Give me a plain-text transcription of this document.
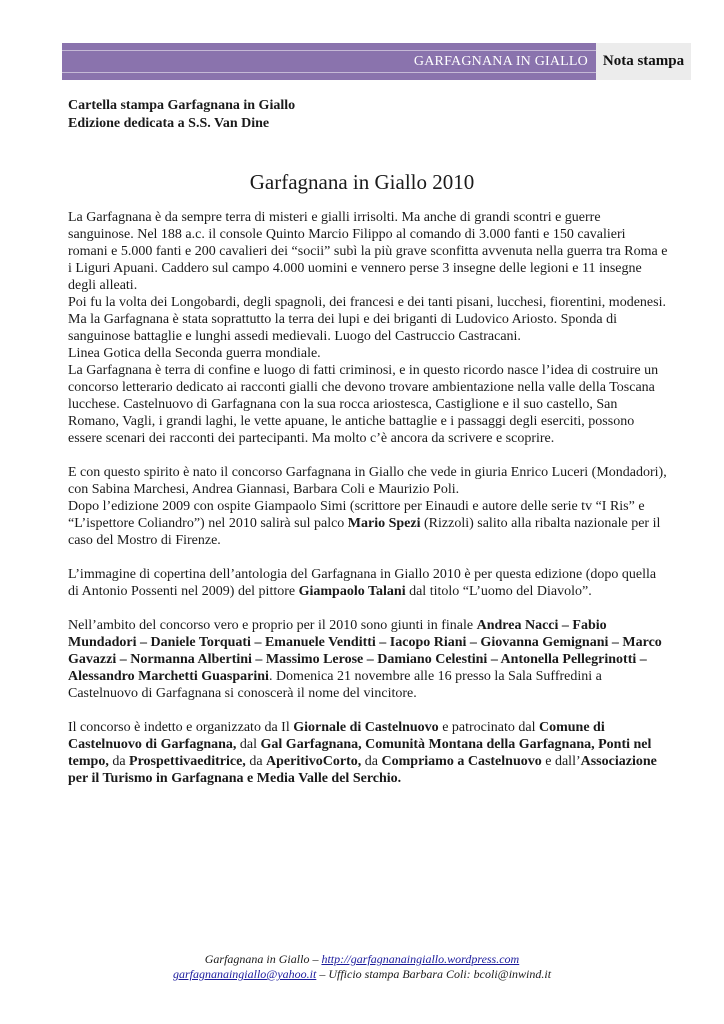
GARFAGNANA IN GIALLO Nota stampa
Cartella stampa Garfagnana in Giallo
Edizione dedicata a S.S. Van Dine
Garfagnana in Giallo 2010

La Garfagnana è da sempre terra di misteri e gialli irrisolti. Ma anche di grandi scontri e guerre sanguinose. Nel 188 a.c. il console Quinto Marcio Filippo al comando di 3.000 fanti e 150 cavalieri romani e 5.000 fanti e 200 cavalieri dei “socii” subì la più grave sconfitta avvenuta nella guerra tra Roma e i Liguri Apuani. Caddero sul campo 4.000 uomini e vennero perse 3 insegne delle legioni e 11 insegne degli alleati.

Poi fu la volta dei Longobardi, degli spagnoli, dei francesi e dei tanti pisani, lucchesi, fiorentini, modenesi. Ma la Garfagnana è stata soprattutto la terra dei lupi e dei briganti di Ludovico Ariosto. Sponda di sanguinose battaglie e lunghi assedi medievali. Luogo del Castruccio Castracani.

Linea Gotica della Seconda guerra mondiale.

La Garfagnana è terra di confine e luogo di fatti criminosi, e in questo ricordo nasce l’idea di costruire un concorso letterario dedicato ai racconti gialli che devono trovare ambientazione nella valle della Toscana lucchese. Castelnuovo di Garfagnana con la sua rocca ariostesca, Castiglione e il suo castello, San Romano, Vagli, i grandi laghi, le vette apuane, le antiche battaglie e i passaggi degli eserciti, possono essere scenari dei racconti dei partecipanti. Ma molto c’è ancora da scrivere e scoprire.

E con questo spirito è nato il concorso Garfagnana in Giallo che vede in giuria Enrico Luceri (Mondadori), con Sabina Marchesi, Andrea Giannasi, Barbara Coli e Maurizio Poli.

Dopo l’edizione 2009 con ospite Giampaolo Simi (scrittore per Einaudi e autore delle serie tv “I Ris” e “L’ispettore Coliandro”) nel 2010 salirà sul palco Mario Spezi (Rizzoli) salito alla ribalta nazionale per il caso del Mostro di Firenze.

L’immagine di copertina dell’antologia del Garfagnana in Giallo 2010 è per questa edizione (dopo quella di Antonio Possenti nel 2009) del pittore Giampaolo Talani dal titolo “L’uomo del Diavolo”.

Nell’ambito del concorso vero e proprio per il 2010 sono giunti in finale Andrea Nacci – Fabio Mundadori – Daniele Torquati – Emanuele Venditti – Iacopo Riani – Giovanna Gemignani – Marco Gavazzi – Normanna Albertini – Massimo Lerose – Damiano Celestini – Antonella Pellegrinotti – Alessandro Marchetti Guasparini. Domenica 21 novembre alle 16 presso la Sala Suffredini a Castelnuovo di Garfagnana si conoscerà il nome del vincitore.

Il concorso è indetto e organizzato da Il Giornale di Castelnuovo e patrocinato dal Comune di Castelnuovo di Garfagnana, dal Gal Garfagnana, Comunità Montana della Garfagnana, Ponti nel tempo, da Prospettivaeditrice, da AperitivoCorto, da Compriamo a Castelnuovo e dall’Associazione per il Turismo in Garfagnana e Media Valle del Serchio.

Garfagnana in Giallo – http://garfagnanaingiallo.wordpress.com
garfagnanaingiallo@yahoo.it – Ufficio stampa Barbara Coli: bcoli@inwind.it
